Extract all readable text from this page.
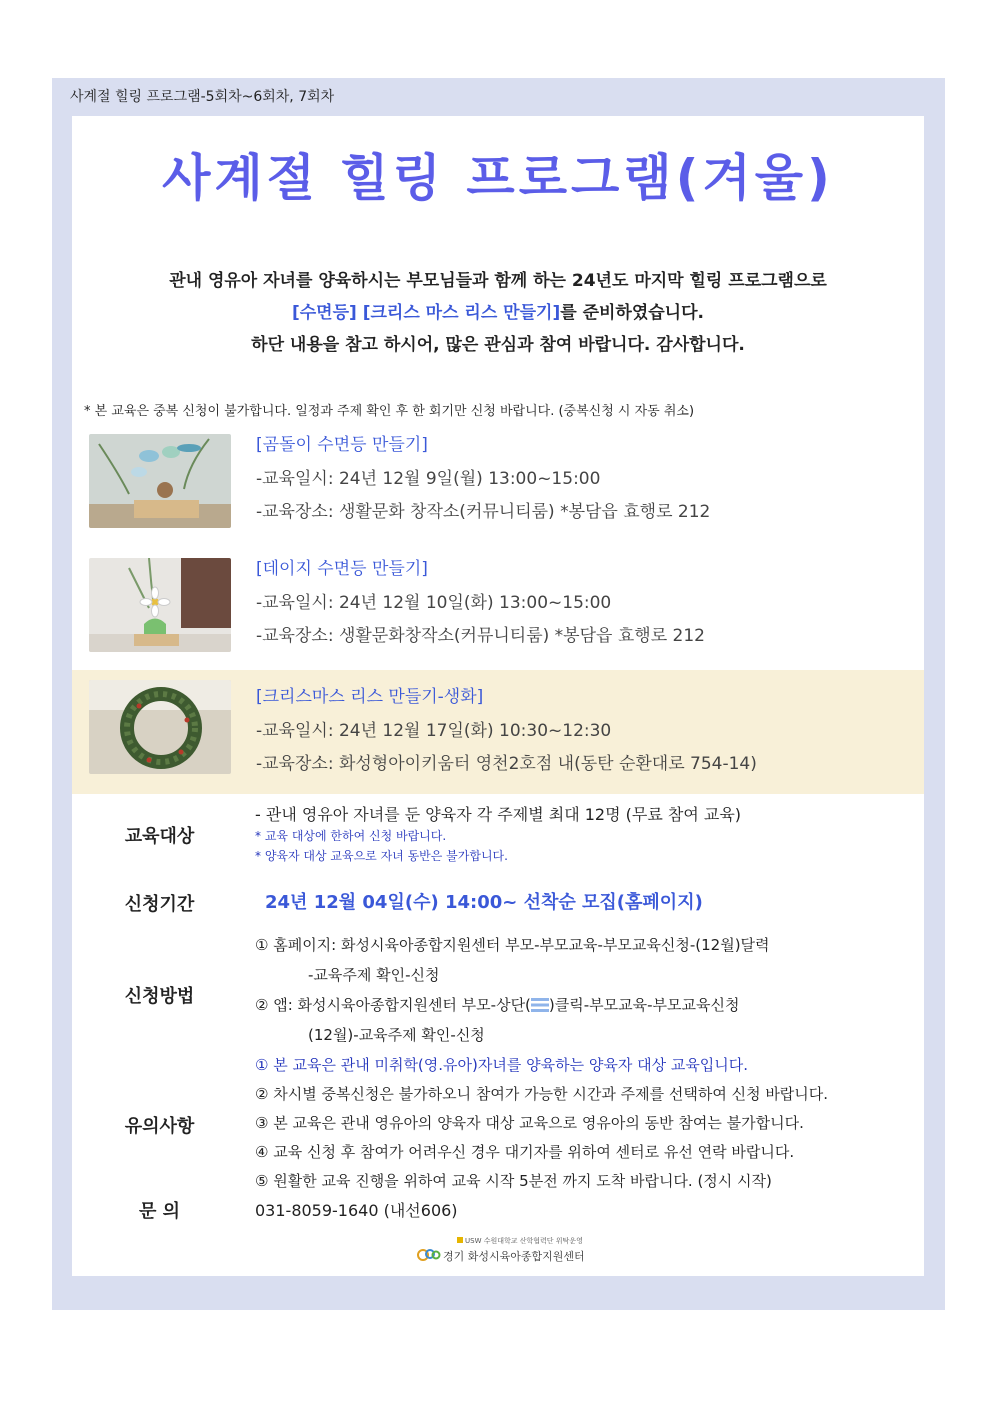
사계절 힐링 프로그램-5회차~6회차, 7회차
사계절 힐링 프로그램(겨울)
관내 영유아 자녀를 양육하시는 부모님들과 함께 하는 24년도 마지막 힐링 프로그램으로
[수면등] [크리스 마스 리스 만들기]를 준비하였습니다.
하단 내용을 참고 하시어, 많은 관심과 참여 바랍니다. 감사합니다.
* 본 교육은 중복 신청이 불가합니다. 일정과 주제 확인 후 한 회기만 신청 바랍니다. (중복신청 시 자동 취소)
[곰돌이 수면등 만들기]
-교육일시: 24년 12월 9일(월) 13:00~15:00
-교육장소: 생활문화 창작소(커뮤니티룸) *봉담읍 효행로 212
[데이지 수면등 만들기]
-교육일시: 24년 12월 10일(화) 13:00~15:00
-교육장소: 생활문화창작소(커뮤니티룸) *봉담읍 효행로 212
[크리스마스 리스 만들기-생화]
-교육일시: 24년 12월 17일(화) 10:30~12:30
-교육장소: 화성형아이키움터 영천2호점 내(동탄 순환대로 754-14)
교육대상
- 관내 영유아 자녀를 둔 양육자 각 주제별 최대 12명 (무료 참여 교육)
* 교육 대상에 한하여 신청 바랍니다.
* 양육자 대상 교육으로 자녀 동반은 불가합니다.
신청기간	24년 12월 04일(수) 14:00~ 선착순 모집(홈페이지)
신청방법
① 홈페이지: 화성시육아종합지원센터 부모-부모교육-부모교육신청-(12월)달력
-교육주제 확인-신청
② 앱: 화성시육아종합지원센터 부모-상단( )클릭-부모교육-부모교육신청
(12월)-교육주제 확인-신청
유의사항
① 본 교육은 관내 미취학(영.유아)자녀를 양육하는 양육자 대상 교육입니다.
② 차시별 중복신청은 불가하오니 참여가 가능한 시간과 주제를 선택하여 신청 바랍니다.
③ 본 교육은 관내 영유아의 양육자 대상 교육으로 영유아의 동반 참여는 불가합니다.
④ 교육 신청 후 참여가 어려우신 경우 대기자를 위하여 센터로 유선 연락 바랍니다.
⑤ 원활한 교육 진행을 위하여 교육 시작 5분전 까지 도착 바랍니다. (정시 시작)
문 의	031-8059-1640 (내선606)
USW 수원대학교 산학협력단 위탁운영
경기 화성시육아종합지원센터
